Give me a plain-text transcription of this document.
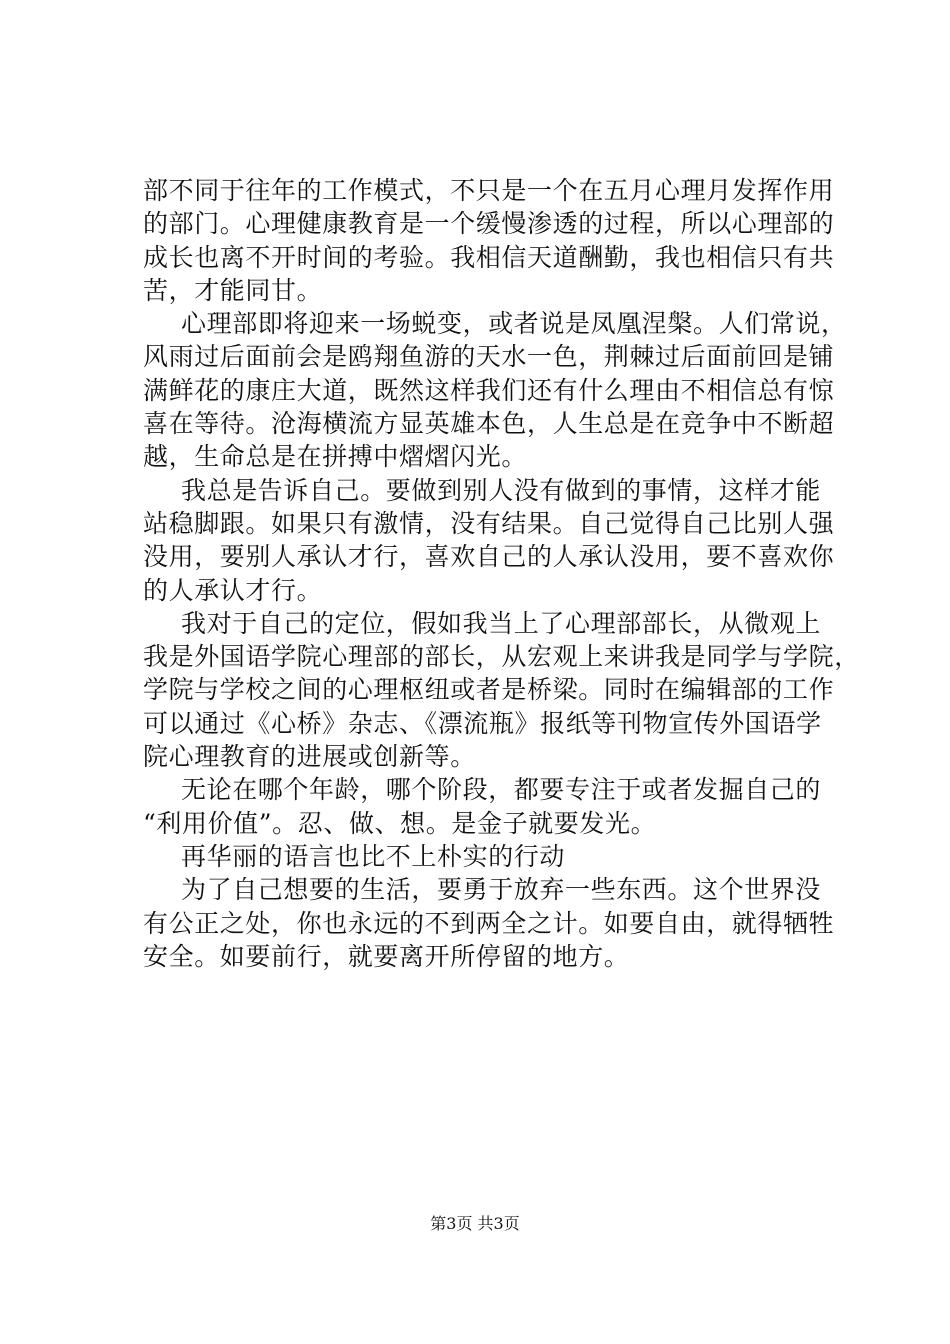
部不同于往年的工作模式，不只是一个在五月心理月发挥作用
的部门。心理健康教育是一个缓慢渗透的过程，所以心理部的
成长也离不开时间的考验。我相信天道酬勤，我也相信只有共
苦，才能同甘。
心理部即将迎来一场蜕变，或者说是凤凰涅槃。人们常说，
风雨过后面前会是鸥翔鱼游的天水一色，荆棘过后面前回是铺
满鲜花的康庄大道，既然这样我们还有什么理由不相信总有惊
喜在等待。沧海横流方显英雄本色，人生总是在竞争中不断超
越，生命总是在拼搏中熠熠闪光。
我总是告诉自己。要做到别人没有做到的事情，这样才能
站稳脚跟。如果只有激情，没有结果。自己觉得自己比别人强
没用，要别人承认才行，喜欢自己的人承认没用，要不喜欢你
的人承认才行。
我对于自己的定位，假如我当上了心理部部长，从微观上
我是外国语学院心理部的部长，从宏观上来讲我是同学与学院，
学院与学校之间的心理枢纽或者是桥梁。同时在编辑部的工作
可以通过《心桥》杂志、《漂流瓶》报纸等刊物宣传外国语学
院心理教育的进展或创新等。
无论在哪个年龄，哪个阶段，都要专注于或者发掘自己的
“利用价值”。忍、做、想。是金子就要发光。
再华丽的语言也比不上朴实的行动
为了自己想要的生活，要勇于放弃一些东西。这个世界没
有公正之处，你也永远的不到两全之计。如要自由，就得牺牲
安全。如要前行，就要离开所停留的地方。
第3页 共3页
